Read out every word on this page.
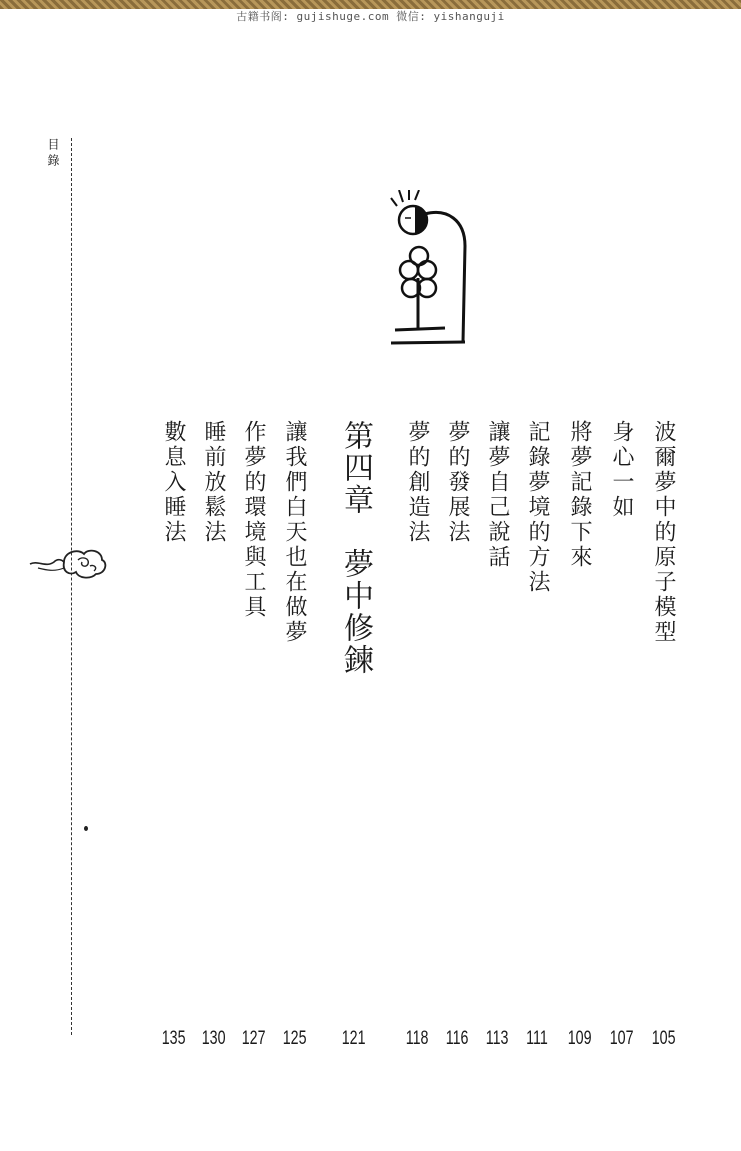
古籍书阁: gujishuge.com 微信: yishanguji
目錄
波爾夢中的原子模型
105
身心一如
107
將夢記錄下來
109
記錄夢境的方法
111
讓夢自己說話
113
夢的發展法
116
夢的創造法
118
第四章　夢中修鍊
121
讓我們白天也在做夢
125
作夢的環境與工具
127
睡前放鬆法
130
數息入睡法
135
